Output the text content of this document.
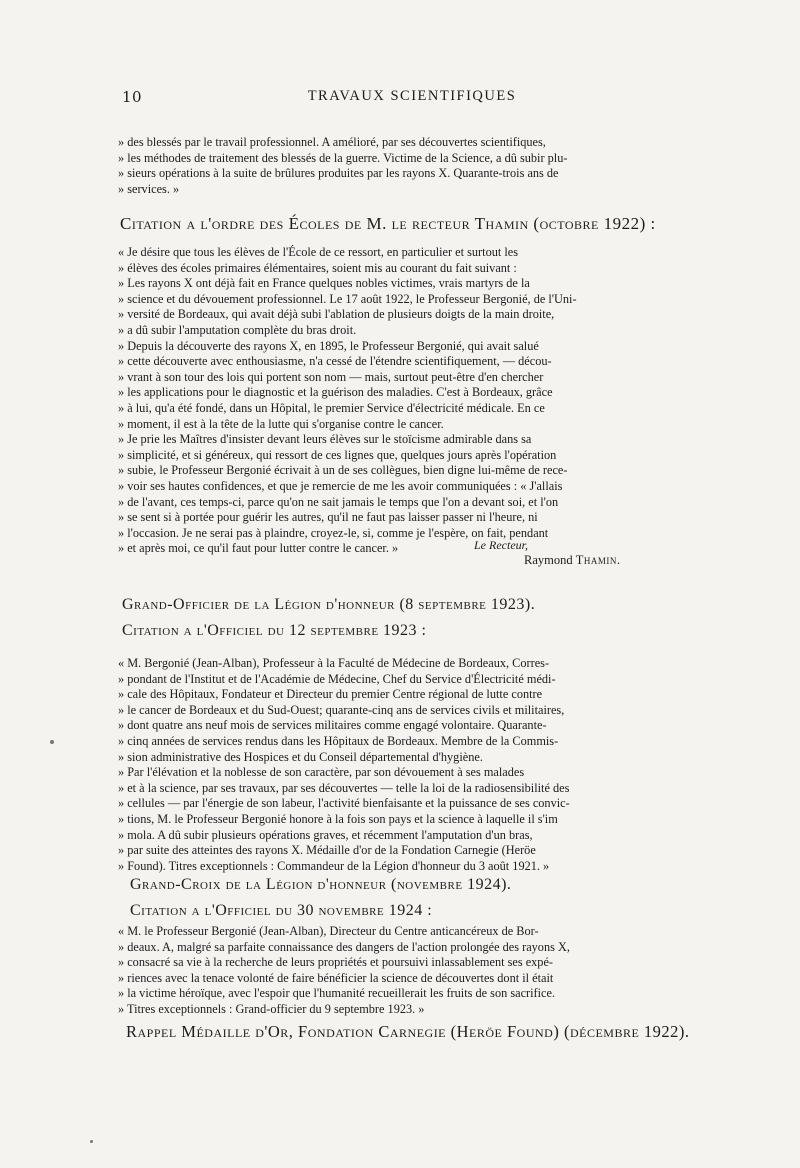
10	TRAVAUX SCIENTIFIQUES
» des blessés par le travail professionnel. A amélioré, par ses découvertes scientifiques,
» les méthodes de traitement des blessés de la guerre. Victime de la Science, a dû subir plu-
» sieurs opérations à la suite de brûlures produites par les rayons X. Quarante-trois ans de
» services. »
Citation a l'ordre des Écoles de M. le recteur Thamin (octobre 1922) :
« Je désire que tous les élèves de l'École de ce ressort, en particulier et surtout les
» élèves des écoles primaires élémentaires, soient mis au courant du fait suivant :
» Les rayons X ont déjà fait en France quelques nobles victimes, vrais martyrs de la
» science et du dévouement professionnel. Le 17 août 1922, le Professeur Bergonié, de l'Uni-
» versité de Bordeaux, qui avait déjà subi l'ablation de plusieurs doigts de la main droite,
» a dû subir l'amputation complète du bras droit.
» Depuis la découverte des rayons X, en 1895, le Professeur Bergonié, qui avait salué
» cette découverte avec enthousiasme, n'a cessé de l'étendre scientifiquement, — décou-
» vrant à son tour des lois qui portent son nom — mais, surtout peut-être d'en chercher
» les applications pour le diagnostic et la guérison des maladies. C'est à Bordeaux, grâce
» à lui, qu'a été fondé, dans un Hôpital, le premier Service d'électricité médicale. En ce
» moment, il est à la tête de la lutte qui s'organise contre le cancer.
» Je prie les Maîtres d'insister devant leurs élèves sur le stoïcisme admirable dans sa
» simplicité, et si généreux, qui ressort de ces lignes que, quelques jours après l'opération
» subie, le Professeur Bergonié écrivait à un de ses collègues, bien digne lui-même de rece-
» voir ses hautes confidences, et que je remercie de me les avoir communiquées : « J'allais
» de l'avant, ces temps-ci, parce qu'on ne sait jamais le temps que l'on a devant soi, et l'on
» se sent si à portée pour guérir les autres, qu'il ne faut pas laisser passer ni l'heure, ni
» l'occasion. Je ne serai pas à plaindre, croyez-le, si, comme je l'espère, on fait, pendant
» et après moi, ce qu'il faut pour lutter contre le cancer. »	Le Recteur,
Raymond Thamin.
Grand-Officier de la Légion d'honneur (8 septembre 1923).
Citation a l'Officiel du 12 septembre 1923 :
« M. Bergonié (Jean-Alban), Professeur à la Faculté de Médecine de Bordeaux, Corres-
» pondant de l'Institut et de l'Académie de Médecine, Chef du Service d'Électricité médi-
» cale des Hôpitaux, Fondateur et Directeur du premier Centre régional de lutte contre
» le cancer de Bordeaux et du Sud-Ouest; quarante-cinq ans de services civils et militaires,
» dont quatre ans neuf mois de services militaires comme engagé volontaire. Quarante-
» cinq années de services rendus dans les Hôpitaux de Bordeaux. Membre de la Commis-
» sion administrative des Hospices et du Conseil départemental d'hygiène.
» Par l'élévation et la noblesse de son caractère, par son dévouement à ses malades
» et à la science, par ses travaux, par ses découvertes — telle la loi de la radiosensibilité des
» cellules — par l'énergie de son labeur, l'activité bienfaisante et la puissance de ses convic-
» tions, M. le Professeur Bergonié honore à la fois son pays et la science à laquelle il s'im
» mola. A dû subir plusieurs opérations graves, et récemment l'amputation d'un bras,
» par suite des atteintes des rayons X. Médaille d'or de la Fondation Carnegie (Heröe
» Found). Titres exceptionnels : Commandeur de la Légion d'honneur du 3 août 1921. »
Grand-Croix de la Légion d'honneur (novembre 1924).
Citation a l'Officiel du 30 novembre 1924 :
« M. le Professeur Bergonié (Jean-Alban), Directeur du Centre anticancéreux de Bor-
» deaux. A, malgré sa parfaite connaissance des dangers de l'action prolongée des rayons X,
» consacré sa vie à la recherche de leurs propriétés et poursuivi inlassablement ses expé-
» riences avec la tenace volonté de faire bénéficier la science de découvertes dont il était
» la victime héroïque, avec l'espoir que l'humanité recueillerait les fruits de son sacrifice.
» Titres exceptionnels : Grand-officier du 9 septembre 1923. »
Rappel Médaille d'Or, Fondation Carnegie (Heröe Found) (décembre 1922).
